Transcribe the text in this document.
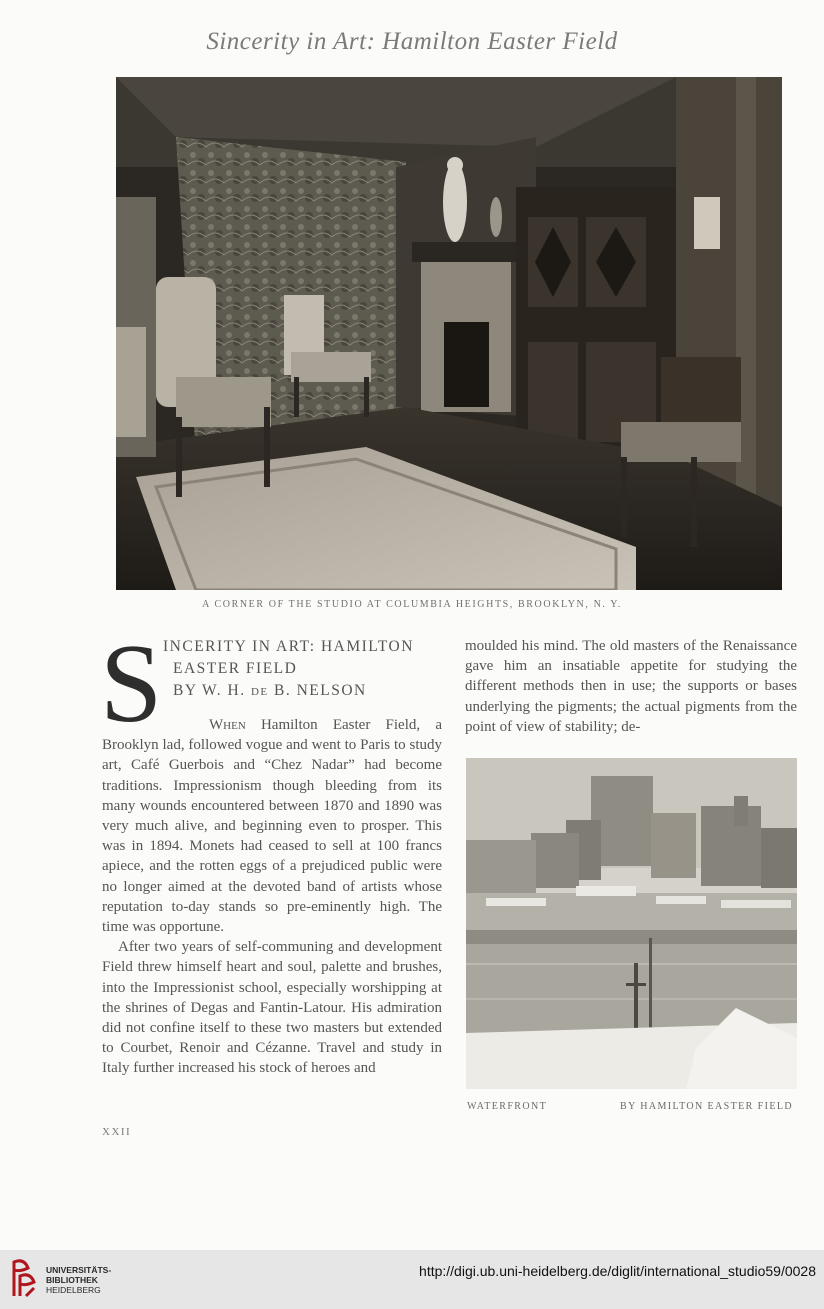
Sincerity in Art: Hamilton Easter Field
A CORNER OF THE STUDIO AT COLUMBIA HEIGHTS, BROOKLYN, N. Y.
S INCERITY IN ART: HAMILTON
EASTER FIELD
BY W. H. de B. NELSON

When Hamilton Easter Field, a Brooklyn lad, followed vogue and went to Paris to study art, Café Guerbois and “Chez Nadar” had become traditions. Impressionism though bleeding from its many wounds encountered between 1870 and 1890 was very much alive, and beginning even to prosper. This was in 1894. Monets had ceased to sell at 100 francs apiece, and the rotten eggs of a prejudiced public were no longer aimed at the devoted band of artists whose reputation to-day stands so pre-eminently high. The time was opportune.

After two years of self-communing and development Field threw himself heart and soul, palette and brushes, into the Impressionist school, especially worshipping at the shrines of Degas and Fantin-Latour. His admiration did not confine itself to these two masters but extended to Courbet, Renoir and Cézanne. Travel and study in Italy further increased his stock of heroes and

moulded his mind. The old masters of the Renaissance gave him an insatiable appetite for studying the different methods then in use; the supports or bases underlying the pigments; the actual pigments from the point of view of stability; de-

WATERFRONT	BY HAMILTON EASTER FIELD
XXII
UNIVERSITÄTS-
BIBLIOTHEK
HEIDELBERG
http://digi.ub.uni-heidelberg.de/diglit/international_studio59/0028
